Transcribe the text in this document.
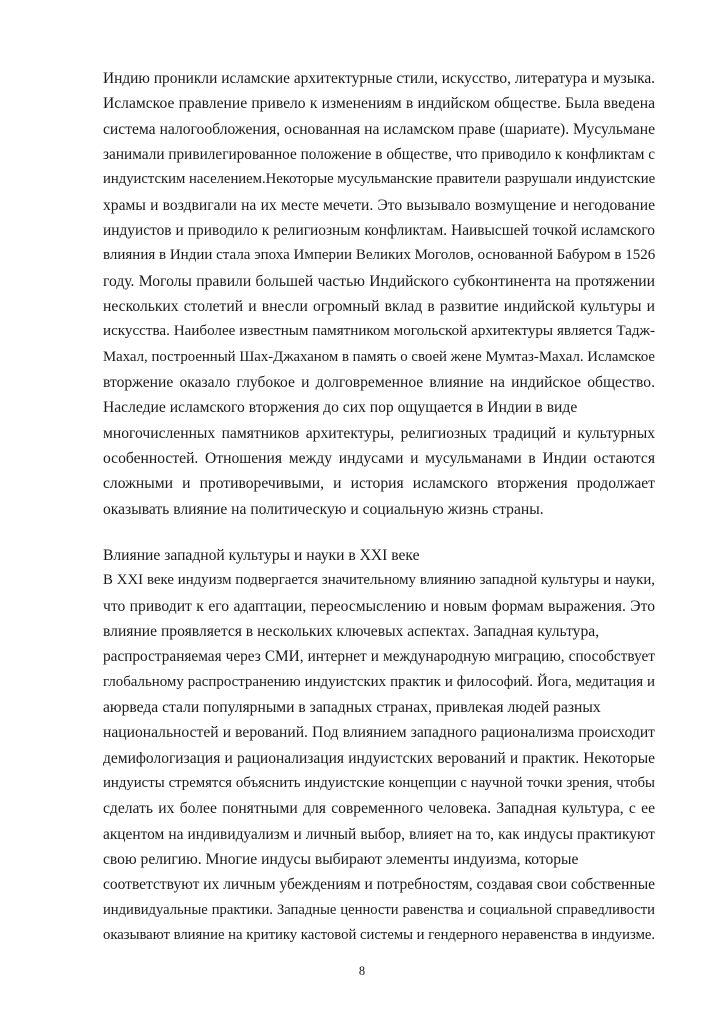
Индию проникли исламские архитектурные стили, искусство, литература и музыка.
Исламское правление привело к изменениям в индийском обществе. Была введена
система налогообложения, основанная на исламском праве (шариате). Мусульмане
занимали привилегированное положение в обществе, что приводило к конфликтам с
индуистским населением.Некоторые мусульманские правители разрушали индуистские
храмы и воздвигали на их месте мечети. Это вызывало возмущение и негодование
индуистов и приводило к религиозным конфликтам. Наивысшей точкой исламского
влияния в Индии стала эпоха Империи Великих Моголов, основанной Бабуром в 1526
году. Моголы правили большей частью Индийского субконтинента на протяжении
нескольких столетий и внесли огромный вклад в развитие индийской культуры и
искусства. Наиболее известным памятником могольской архитектуры является Тадж-
Махал, построенный Шах-Джаханом в память о своей жене Мумтаз-Махал. Исламское
вторжение оказало глубокое и долговременное влияние на индийское общество.
Наследие исламского вторжения до сих пор ощущается в Индии в виде
многочисленных памятников архитектуры, религиозных традиций и культурных
особенностей. Отношения между индусами и мусульманами в Индии остаются
сложными и противоречивыми, и история исламского вторжения продолжает
оказывать влияние на политическую и социальную жизнь страны.
Влияние западной культуры и науки в XXI веке
В XXI веке индуизм подвергается значительному влиянию западной культуры и науки,
что приводит к его адаптации, переосмыслению и новым формам выражения. Это
влияние проявляется в нескольких ключевых аспектах. Западная культура,
распространяемая через СМИ, интернет и международную миграцию, способствует
глобальному распространению индуистских практик и философий. Йога, медитация и
аюрведа стали популярными в западных странах, привлекая людей разных
национальностей и верований. Под влиянием западного рационализма происходит
демифологизация и рационализация индуистских верований и практик. Некоторые
индуисты стремятся объяснить индуистские концепции с научной точки зрения, чтобы
сделать их более понятными для современного человека. Западная культура, с ее
акцентом на индивидуализм и личный выбор, влияет на то, как индусы практикуют
свою религию. Многие индусы выбирают элементы индуизма, которые
соответствуют их личным убеждениям и потребностям, создавая свои собственные
индивидуальные практики. Западные ценности равенства и социальной справедливости
оказывают влияние на критику кастовой системы и гендерного неравенства в индуизме.
8
